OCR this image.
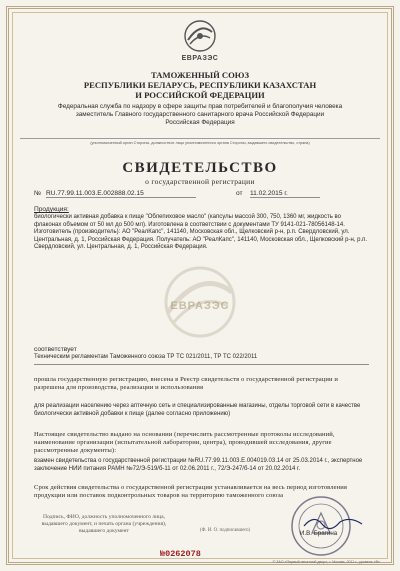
ЕВРАЗЭС
ТАМОЖЕННЫЙ СОЮЗ
РЕСПУБЛИКИ БЕЛАРУСЬ, РЕСПУБЛИКИ КАЗАХСТАН
И РОССИЙСКОЙ ФЕДЕРАЦИИ
Федеральная служба по надзору в сфере защиты прав потребителей и благополучия человека
заместитель Главного государственного санитарного врача Российской Федерации
Российская Федерация
(уполномоченный орган Стороны, должностное лицо уполномоченного органа Стороны, выдавшего свидетельство, страна)
СВИДЕТЕЛЬСТВО
о государственной регистрации
№ RU.77.99.11.003.Е.002888.02.15	от 11.02.2015 г.
Продукция:
биологически активная добавка к пище "Облепиховое масло" (капсулы массой 300, 750, 1360 мг, жидкость во флаконах объемом от 50 мл до 500 мл). Изготовлена в соответствии с документами ТУ 9141-021-78056148-14. Изготовитель (производитель): АО "РеалКапс", 141140, Московская обл., Щелковский р-н, р.п. Свердловский, ул. Центральная, д. 1, Российская Федерация. Получатель: АО "РеалКапс", 141140, Московская обл., Щелковский р-н, р.п. Свердловский, ул. Центральная, д. 1, Российская Федерация.
ЕВРАЗЭС
соответствует
Техническим регламентам Таможенного союза ТР ТС 021/2011, ТР ТС 022/2011
прошла государственную регистрацию, внесена в Реестр свидетельств о государственной регистрации и разрешена для производства, реализации и использования
для реализации населению через аптечную сеть и специализированные магазины, отделы торговой сети в качестве биологически активной добавки к пище (далее согласно приложению)
Настоящее свидетельство выдано на основании (перечислить рассмотренные протоколы исследований, наименование организации (испытательной лаборатории, центра), проводившей исследования, другие рассмотренные документы):
взамен свидетельства о государственной регистрации №RU.77.99.11.003.Е.004019.03.14 от 25.03.2014 г., экспертное заключение НИИ питания РАМН №72/Э-519/б-11 от 02.06.2011 г., 72/Э-247/б-14 от 20.02.2014 г.
Срок действия свидетельства о государственной регистрации устанавливается на весь период изготовления продукции или поставок подконтрольных товаров на территорию таможенного союза
Подпись, ФИО, должность уполномоченного лица,
выдавшего документ, и печать органа (учреждения),
выдавшего документ	(Ф. И. О. подписавшего)	И.В. Брагина
№0262078
© ЗАО «Первый печатный двор», г. Москва, 2011 г., уровень «В»
